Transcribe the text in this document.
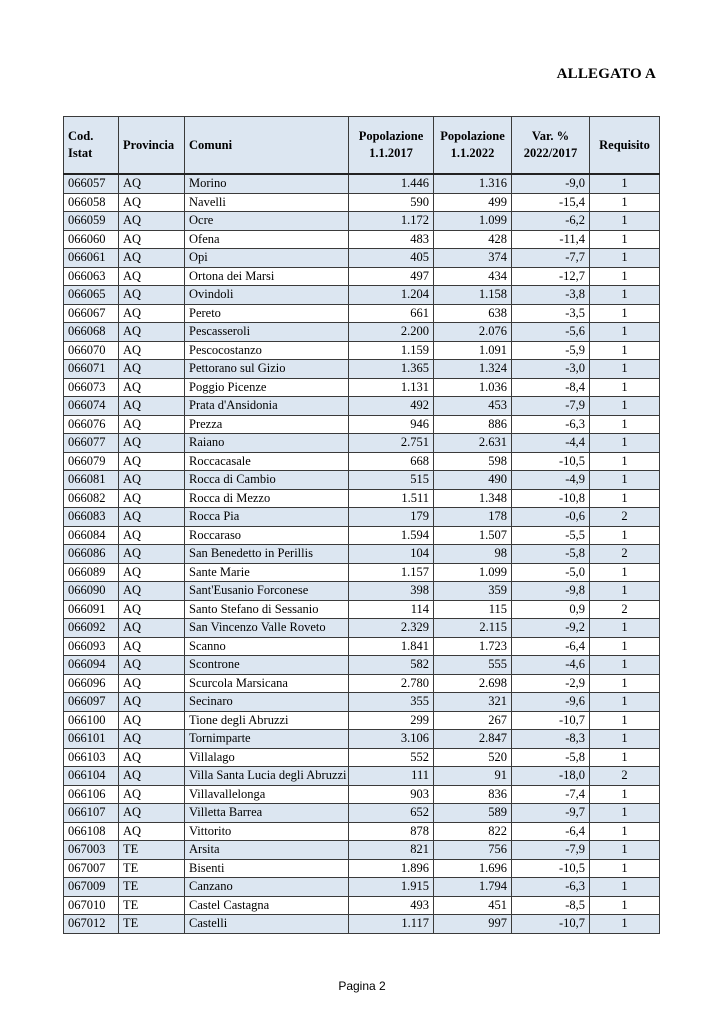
ALLEGATO A
Cod. Istat	Provincia	Comuni	Popolazione 1.1.2017	Popolazione 1.1.2022	Var. % 2022/2017	Requisito
066057	AQ	Morino	1.446	1.316	-9,0	1
066058	AQ	Navelli	590	499	-15,4	1
066059	AQ	Ocre	1.172	1.099	-6,2	1
066060	AQ	Ofena	483	428	-11,4	1
066061	AQ	Opi	405	374	-7,7	1
066063	AQ	Ortona dei Marsi	497	434	-12,7	1
066065	AQ	Ovindoli	1.204	1.158	-3,8	1
066067	AQ	Pereto	661	638	-3,5	1
066068	AQ	Pescasseroli	2.200	2.076	-5,6	1
066070	AQ	Pescocostanzo	1.159	1.091	-5,9	1
066071	AQ	Pettorano sul Gizio	1.365	1.324	-3,0	1
066073	AQ	Poggio Picenze	1.131	1.036	-8,4	1
066074	AQ	Prata d'Ansidonia	492	453	-7,9	1
066076	AQ	Prezza	946	886	-6,3	1
066077	AQ	Raiano	2.751	2.631	-4,4	1
066079	AQ	Roccacasale	668	598	-10,5	1
066081	AQ	Rocca di Cambio	515	490	-4,9	1
066082	AQ	Rocca di Mezzo	1.511	1.348	-10,8	1
066083	AQ	Rocca Pia	179	178	-0,6	2
066084	AQ	Roccaraso	1.594	1.507	-5,5	1
066086	AQ	San Benedetto in Perillis	104	98	-5,8	2
066089	AQ	Sante Marie	1.157	1.099	-5,0	1
066090	AQ	Sant'Eusanio Forconese	398	359	-9,8	1
066091	AQ	Santo Stefano di Sessanio	114	115	0,9	2
066092	AQ	San Vincenzo Valle Roveto	2.329	2.115	-9,2	1
066093	AQ	Scanno	1.841	1.723	-6,4	1
066094	AQ	Scontrone	582	555	-4,6	1
066096	AQ	Scurcola Marsicana	2.780	2.698	-2,9	1
066097	AQ	Secinaro	355	321	-9,6	1
066100	AQ	Tione degli Abruzzi	299	267	-10,7	1
066101	AQ	Tornimparte	3.106	2.847	-8,3	1
066103	AQ	Villalago	552	520	-5,8	1
066104	AQ	Villa Santa Lucia degli Abruzzi	111	91	-18,0	2
066106	AQ	Villavallelonga	903	836	-7,4	1
066107	AQ	Villetta Barrea	652	589	-9,7	1
066108	AQ	Vittorito	878	822	-6,4	1
067003	TE	Arsita	821	756	-7,9	1
067007	TE	Bisenti	1.896	1.696	-10,5	1
067009	TE	Canzano	1.915	1.794	-6,3	1
067010	TE	Castel Castagna	493	451	-8,5	1
067012	TE	Castelli	1.117	997	-10,7	1
Pagina 2
